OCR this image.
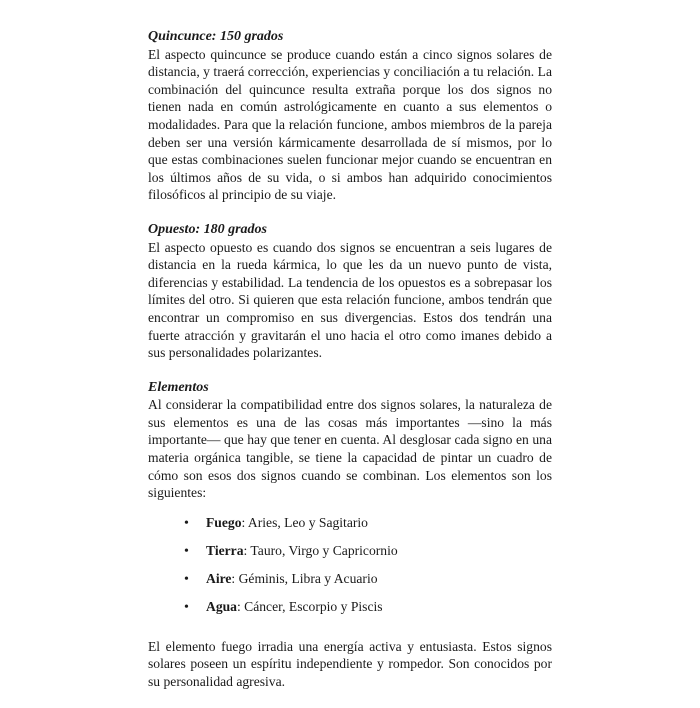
Quincunce: 150 grados

El aspecto quincunce se produce cuando están a cinco signos solares de distancia, y traerá corrección, experiencias y conciliación a tu relación. La combinación del quincunce resulta extraña porque los dos signos no tienen nada en común astrológicamente en cuanto a sus elementos o modalidades. Para que la relación funcione, ambos miembros de la pareja deben ser una versión kármicamente desarrollada de sí mismos, por lo que estas combinaciones suelen funcionar mejor cuando se encuentran en los últimos años de su vida, o si ambos han adquirido conocimientos filosóficos al principio de su viaje.

Opuesto: 180 grados

El aspecto opuesto es cuando dos signos se encuentran a seis lugares de distancia en la rueda kármica, lo que les da un nuevo punto de vista, diferencias y estabilidad. La tendencia de los opuestos es a sobrepasar los límites del otro. Si quieren que esta relación funcione, ambos tendrán que encontrar un compromiso en sus divergencias. Estos dos tendrán una fuerte atracción y gravitarán el uno hacia el otro como imanes debido a sus personalidades polarizantes.

Elementos

Al considerar la compatibilidad entre dos signos solares, la naturaleza de sus elementos es una de las cosas más importantes —sino la más importante— que hay que tener en cuenta. Al desglosar cada signo en una materia orgánica tangible, se tiene la capacidad de pintar un cuadro de cómo son esos dos signos cuando se combinan. Los elementos son los siguientes:

•	Fuego: Aries, Leo y Sagitario
•	Tierra: Tauro, Virgo y Capricornio
•	Aire: Géminis, Libra y Acuario
•	Agua: Cáncer, Escorpio y Piscis

El elemento fuego irradia una energía activa y entusiasta. Estos signos solares poseen un espíritu independiente y rompedor. Son conocidos por su personalidad agresiva.
